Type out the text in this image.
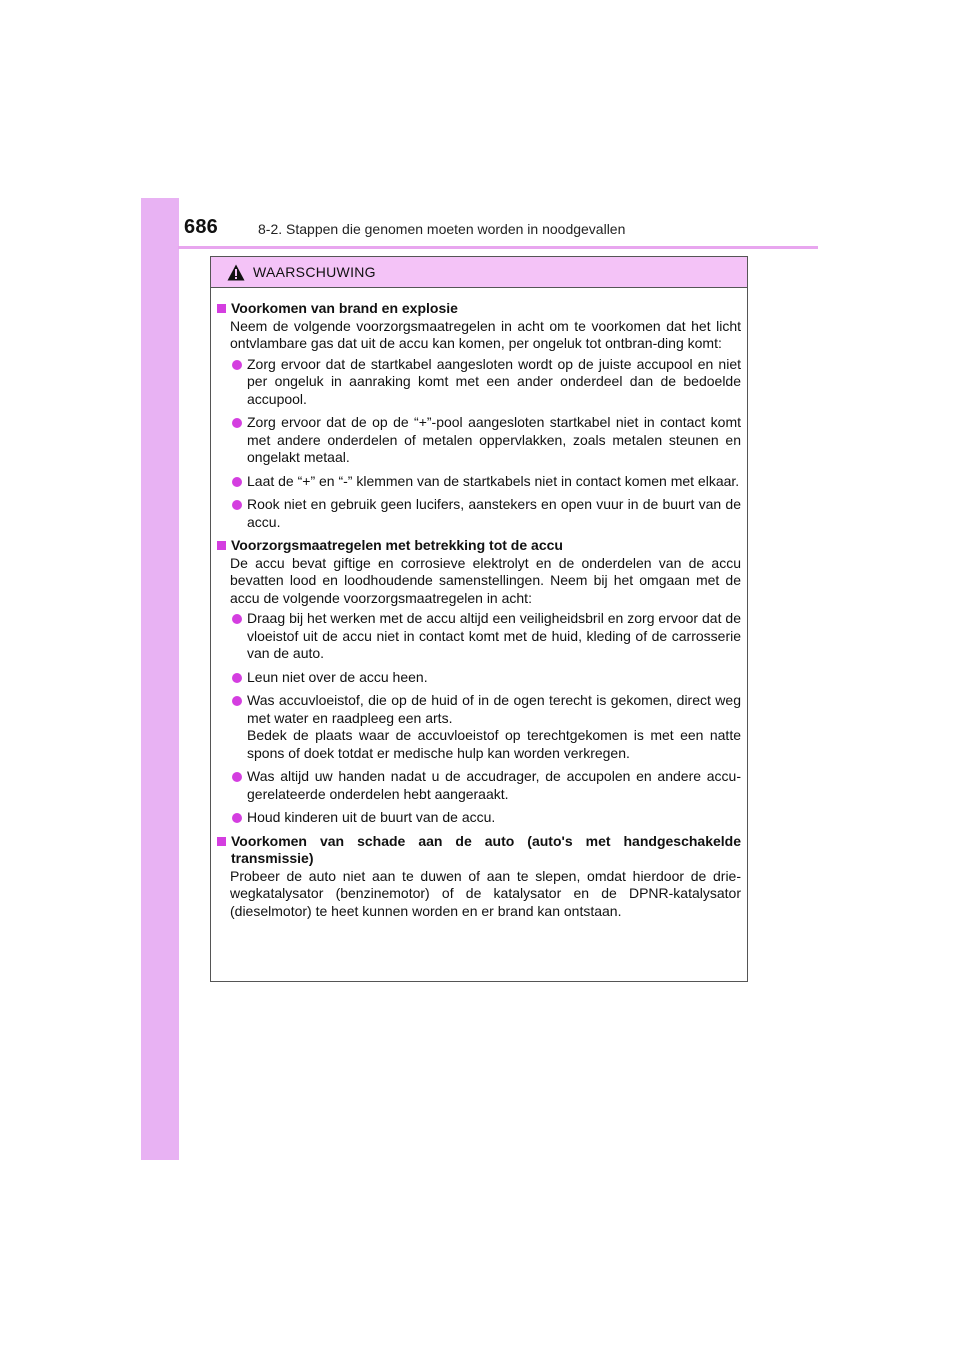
686	8-2. Stappen die genomen moeten worden in noodgevallen
WAARSCHUWING
Voorkomen van brand en explosie
Neem de volgende voorzorgsmaatregelen in acht om te voorkomen dat het licht ontvlambare gas dat uit de accu kan komen, per ongeluk tot ontbran-ding komt:
Zorg ervoor dat de startkabel aangesloten wordt op de juiste accupool en niet per ongeluk in aanraking komt met een ander onderdeel dan de bedoelde accupool.
Zorg ervoor dat de op de “+”-pool aangesloten startkabel niet in contact komt met andere onderdelen of metalen oppervlakken, zoals metalen steunen en ongelakt metaal.
Laat de “+” en “-” klemmen van de startkabels niet in contact komen met elkaar.
Rook niet en gebruik geen lucifers, aanstekers en open vuur in de buurt van de accu.
Voorzorgsmaatregelen met betrekking tot de accu
De accu bevat giftige en corrosieve elektrolyt en de onderdelen van de accu bevatten lood en loodhoudende samenstellingen. Neem bij het omgaan met de accu de volgende voorzorgsmaatregelen in acht:
Draag bij het werken met de accu altijd een veiligheidsbril en zorg ervoor dat de vloeistof uit de accu niet in contact komt met de huid, kleding of de carrosserie van de auto.
Leun niet over de accu heen.
Was accuvloeistof, die op de huid of in de ogen terecht is gekomen, direct weg met water en raadpleeg een arts.
Bedek de plaats waar de accuvloeistof op terechtgekomen is met een natte spons of doek totdat er medische hulp kan worden verkregen.
Was altijd uw handen nadat u de accudrager, de accupolen en andere accu-gerelateerde onderdelen hebt aangeraakt.
Houd kinderen uit de buurt van de accu.
Voorkomen van schade aan de auto (auto's met handgeschakelde transmissie)
Probeer de auto niet aan te duwen of aan te slepen, omdat hierdoor de drie-wegkatalysator (benzinemotor) of de katalysator en de DPNR-katalysator (dieselmotor) te heet kunnen worden en er brand kan ontstaan.
